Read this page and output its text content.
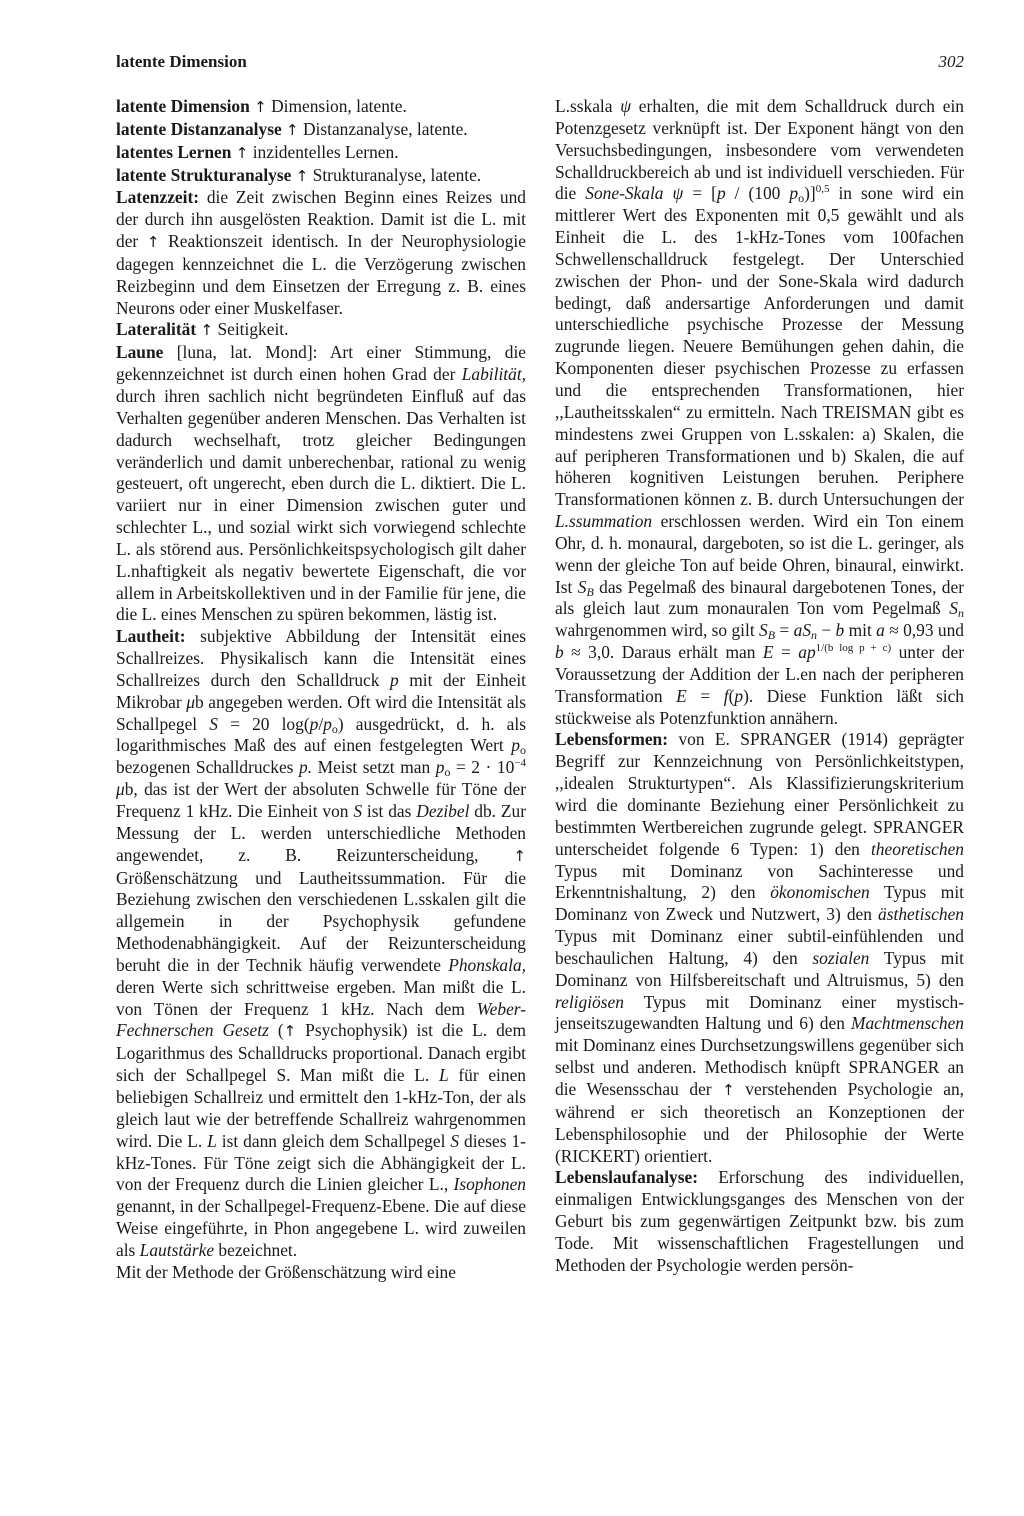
latente Dimension	302

latente Dimension ↑ Dimension, latente.

latente Distanzanalyse ↑ Distanzanalyse, latente.

latentes Lernen ↑ inzidentelles Lernen.

latente Strukturanalyse ↑ Strukturanalyse, latente.

Latenzzeit: die Zeit zwischen Beginn eines Reizes und der durch ihn ausgelösten Reaktion. Damit ist die L. mit der ↑ Reaktionszeit identisch. In der Neurophysiologie dagegen kennzeichnet die L. die Verzögerung zwischen Reizbeginn und dem Einsetzen der Erregung z. B. eines Neurons oder einer Muskelfaser.

Lateralität ↑ Seitigkeit.

Laune [luna, lat. Mond]: Art einer Stimmung, die gekennzeichnet ist durch einen hohen Grad der Labilität, durch ihren sachlich nicht begründeten Einfluß auf das Verhalten gegenüber anderen Menschen. Das Verhalten ist dadurch wechselhaft, trotz gleicher Bedingungen veränderlich und damit unberechenbar, rational zu wenig gesteuert, oft ungerecht, eben durch die L. diktiert. Die L. variiert nur in einer Dimension zwischen guter und schlechter L., und sozial wirkt sich vorwiegend schlechte L. als störend aus. Persönlichkeitspsychologisch gilt daher L.nhaftigkeit als negativ bewertete Eigenschaft, die vor allem in Arbeitskollektiven und in der Familie für jene, die die L. eines Menschen zu spüren bekommen, lästig ist.

Lautheit: subjektive Abbildung der Intensität eines Schallreizes. Physikalisch kann die Intensität eines Schallreizes durch den Schalldruck p mit der Einheit Mikrobar μb angegeben werden. Oft wird die Intensität als Schallpegel S = 20 $\log(p/p_o)$ ausgedrückt, d. h. als logarithmisches Maß des auf einen festgelegten Wert $p_o$ bezogenen Schalldruckes p. Meist setzt man $p_o = 2 \cdot 10^{-4}$ μb, das ist der Wert der absoluten Schwelle für Töne der Frequenz 1 kHz. Die Einheit von S ist das Dezibel db. Zur Messung der L. werden unterschiedliche Methoden angewendet, z. B. Reizunterscheidung, ↑ Größenschätzung und Lautheitssummation. Für die Beziehung zwischen den verschiedenen L.sskalen gilt die allgemein in der Psychophysik gefundene Methodenabhängigkeit. Auf der Reizunterscheidung beruht die in der Technik häufig verwendete Phonskala, deren Werte sich schrittweise ergeben. Man mißt die L. von Tönen der Frequenz 1 kHz. Nach dem Weber-Fechnerschen Gesetz (↑ Psychophysik) ist die L. dem Logarithmus des Schalldrucks proportional. Danach ergibt sich der Schallpegel S. Man mißt die L. L für einen beliebigen Schallreiz und ermittelt den 1-kHz-Ton, der als gleich laut wie der betreffende Schallreiz wahrgenommen wird. Die L. L ist dann gleich dem Schallpegel S dieses 1-kHz-Tones. Für Töne zeigt sich die Abhängigkeit der L. von der Frequenz durch die Linien gleicher L., Isophonen genannt, in der Schallpegel-Frequenz-Ebene. Die auf diese Weise eingeführte, in Phon angegebene L. wird zuweilen als Lautstärke bezeichnet.

Mit der Methode der Größenschätzung wird eine

L.sskala ψ erhalten, die mit dem Schalldruck durch ein Potenzgesetz verknüpft ist. Der Exponent hängt von den Versuchsbedingungen, insbesondere vom verwendeten Schalldruckbereich ab und ist individuell verschieden. Für die Sone-Skala ψ = [p / (100 $p_o)]^{0,5}$ in sone wird ein mittlerer Wert des Exponenten mit 0,5 gewählt und als Einheit die L. des 1-kHz-Tones vom 100fachen Schwellenschalldruck festgelegt. Der Unterschied zwischen der Phon- und der Sone-Skala wird dadurch bedingt, daß andersartige Anforderungen und damit unterschiedliche psychische Prozesse der Messung zugrunde liegen. Neuere Bemühungen gehen dahin, die Komponenten dieser psychischen Prozesse zu erfassen und die entsprechenden Transformationen, hier ,,Lautheitsskalen“ zu ermitteln. Nach TREISMAN gibt es mindestens zwei Gruppen von L.sskalen: a) Skalen, die auf peripheren Transformationen und b) Skalen, die auf höheren kognitiven Leistungen beruhen. Periphere Transformationen können z. B. durch Untersuchungen der L.ssummation erschlossen werden. Wird ein Ton einem Ohr, d. h. monaural, dargeboten, so ist die L. geringer, als wenn der gleiche Ton auf beide Ohren, binaural, einwirkt. Ist $S_B$ das Pegelmaß des binaural dargebotenen Tones, der als gleich laut zum monauralen Ton vom Pegelmaß $S_n$ wahrgenommen wird, so gilt $S_B = aS_n - b$ mit a ≈ 0,93 und b ≈ 3,0. Daraus erhält man $E = ap^{1/(b log p + c)}$ unter der Voraussetzung der Addition der L.en nach der peripheren Transformation E = f(p). Diese Funktion läßt sich stückweise als Potenzfunktion annähern.

Lebensformen: von E. SPRANGER (1914) geprägter Begriff zur Kennzeichnung von Persönlichkeitstypen, ,,idealen Strukturtypen“. Als Klassifizierungskriterium wird die dominante Beziehung einer Persönlichkeit zu bestimmten Wertbereichen zugrunde gelegt. SPRANGER unterscheidet folgende 6 Typen: 1) den theoretischen Typus mit Dominanz von Sachinteresse und Erkenntnishaltung, 2) den ökonomischen Typus mit Dominanz von Zweck und Nutzwert, 3) den ästhetischen Typus mit Dominanz einer subtil-einfühlenden und beschaulichen Haltung, 4) den sozialen Typus mit Dominanz von Hilfsbereitschaft und Altruismus, 5) den religiösen Typus mit Dominanz einer mystisch-jenseitszugewandten Haltung und 6) den Machtmenschen mit Dominanz eines Durchsetzungswillens gegenüber sich selbst und anderen. Methodisch knüpft SPRANGER an die Wesensschau der ↑ verstehenden Psychologie an, während er sich theoretisch an Konzeptionen der Lebensphilosophie und der Philosophie der Werte (RICKERT) orientiert.

Lebenslaufanalyse: Erforschung des individuellen, einmaligen Entwicklungsganges des Menschen von der Geburt bis zum gegenwärtigen Zeitpunkt bzw. bis zum Tode. Mit wissenschaftlichen Fragestellungen und Methoden der Psychologie werden persön-
